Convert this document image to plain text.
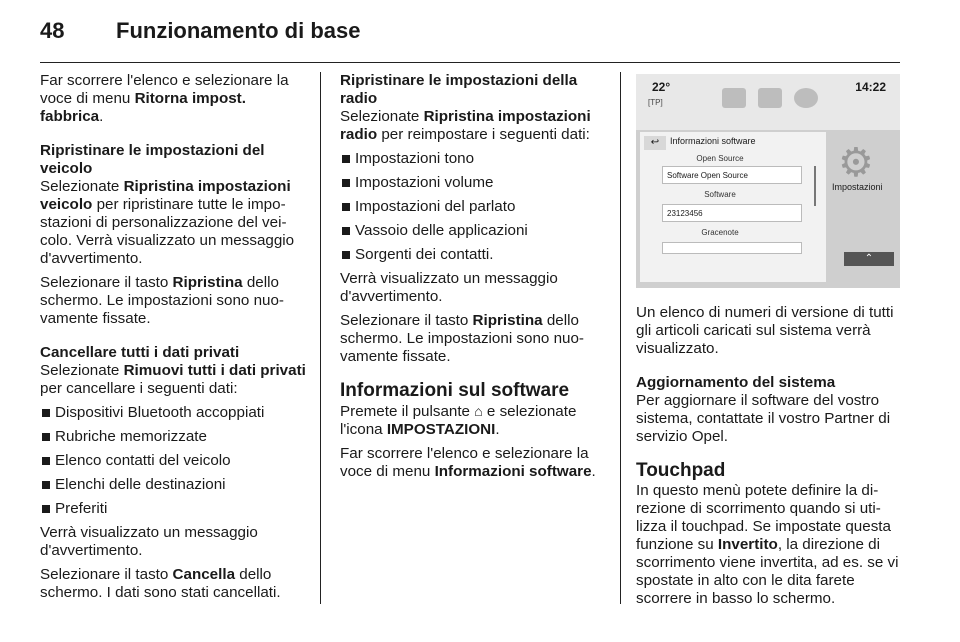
48	Funzionamento di base

Far scorrere l'elenco e selezionare la voce di menu Ritorna impost. fabbrica.

Ripristinare le impostazioni del veicolo

Selezionate Ripristina impostazioni veicolo per ripristinare tutte le impostazioni di personalizzazione del veicolo. Verrà visualizzato un messaggio d'avvertimento.

Selezionare il tasto Ripristina dello schermo. Le impostazioni sono nuovamente fissate.

Cancellare tutti i dati privati

Selezionate Rimuovi tutti i dati privati per cancellare i seguenti dati:

Dispositivi Bluetooth accoppiati
Rubriche memorizzate
Elenco contatti del veicolo
Elenchi delle destinazioni
Preferiti

Verrà visualizzato un messaggio d'avvertimento.

Selezionare il tasto Cancella dello schermo. I dati sono stati cancellati.

Ripristinare le impostazioni della radio

Selezionate Ripristina impostazioni radio per reimpostare i seguenti dati:

Impostazioni tono
Impostazioni volume
Impostazioni del parlato
Vassoio delle applicazioni
Sorgenti dei contatti.

Verrà visualizzato un messaggio d'avvertimento.

Selezionare il tasto Ripristina dello schermo. Le impostazioni sono nuovamente fissate.

Informazioni sul software

Premete il pulsante ⌂ e selezionate l'icona IMPOSTAZIONI.

Far scorrere l'elenco e selezionare la voce di menu Informazioni software.

22°
[TP]
14:22
↩	Informazioni software
Open Source
Software Open Source
Software
23123456
Gracenote
⚙
Impostazioni
⌃

Un elenco di numeri di versione di tutti gli articoli caricati sul sistema verrà visualizzato.

Aggiornamento del sistema

Per aggiornare il software del vostro sistema, contattate il vostro Partner di servizio Opel.

Touchpad

In questo menù potete definire la direzione di scorrimento quando si utilizza il touchpad. Se impostate questa funzione su Invertito, la direzione di scorrimento viene invertita, ad es. se vi spostate in alto con le dita farete scorrere in basso lo schermo.
